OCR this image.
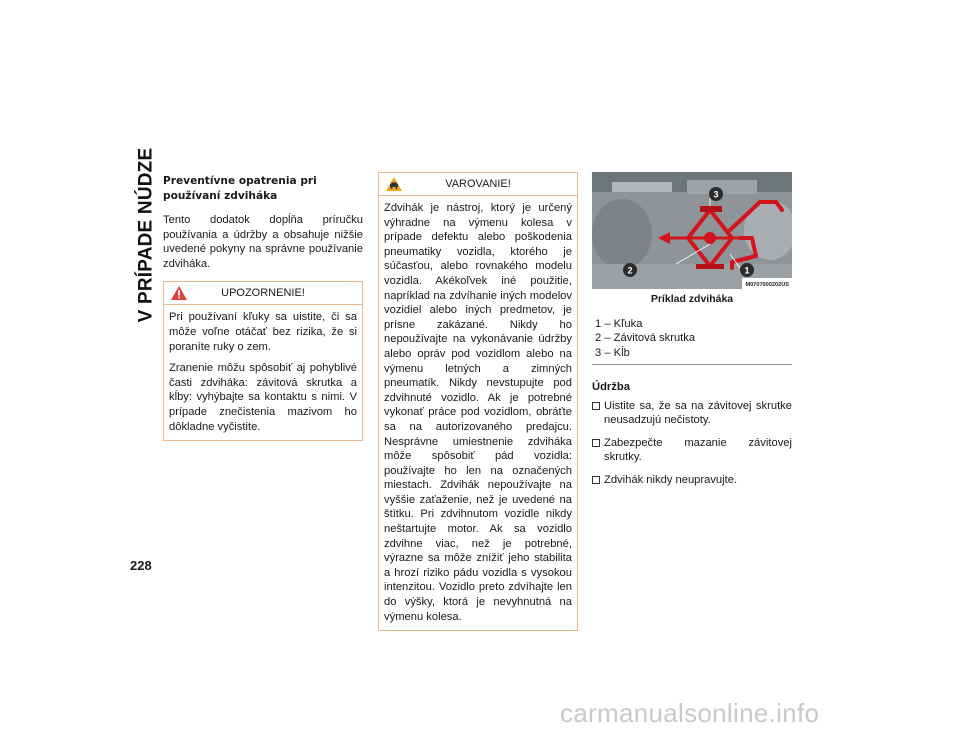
V PRÍPADE NÚDZE
228
Preventívne opatrenia pri používaní zdviháka

Tento dodatok dopĺňa príručku používania a údržby a obsahuje nižšie uvedené pokyny na správne používanie zdviháka.

UPOZORNENIE!

Pri používaní kľuky sa uistite, či sa môže voľne otáčať bez rizika, že si poraníte ruky o zem.

Zranenie môžu spôsobiť aj pohyblivé časti zdviháka: závitová skrutka a kĺby: vyhýbajte sa kontaktu s nimi. V prípade znečistenia mazivom ho dôkladne vyčistite.

VAROVANIE!

Zdvihák je nástroj, ktorý je určený výhradne na výmenu kolesa v prípade defektu alebo poškodenia pneumatiky vozidla, ktorého je súčasťou, alebo rovnakého modelu vozidla. Akékoľvek iné použitie, napríklad na zdvíhanie iných modelov vozidiel alebo iných predmetov, je prísne zakázané. Nikdy ho nepoužívajte na vykonávanie údržby alebo opráv pod vozidlom alebo na výmenu letných a zimných pneumatík. Nikdy nevstupujte pod zdvihnuté vozidlo. Ak je potrebné vykonať práce pod vozidlom, obráťte sa na autorizovaného predajcu. Nesprávne umiestnenie zdviháka môže spôsobiť pád vozidla: používajte ho len na označených miestach. Zdvihák nepoužívajte na vyššie zaťaženie, než je uvedené na štítku. Pri zdvihnutom vozidle nikdy neštartujte motor. Ak sa vozidlo zdvihne viac, než je potrebné, výrazne sa môže znížiť jeho stabilita a hrozí riziko pádu vozidla s vysokou intenzitou. Vozidlo preto zdvíhajte len do výšky, ktorá je nevyhnutná na výmenu kolesa.

3
2	1
M0707000202US
Príklad zdviháka
1 – Kľuka
2 – Závitová skrutka
3 – Kĺb
Údržba
Uistite sa, že sa na závitovej skrutke neusadzujú nečistoty.
Zabezpečte mazanie závitovej skrutky.
Zdvihák nikdy neupravujte.
carmanualsonline.info
